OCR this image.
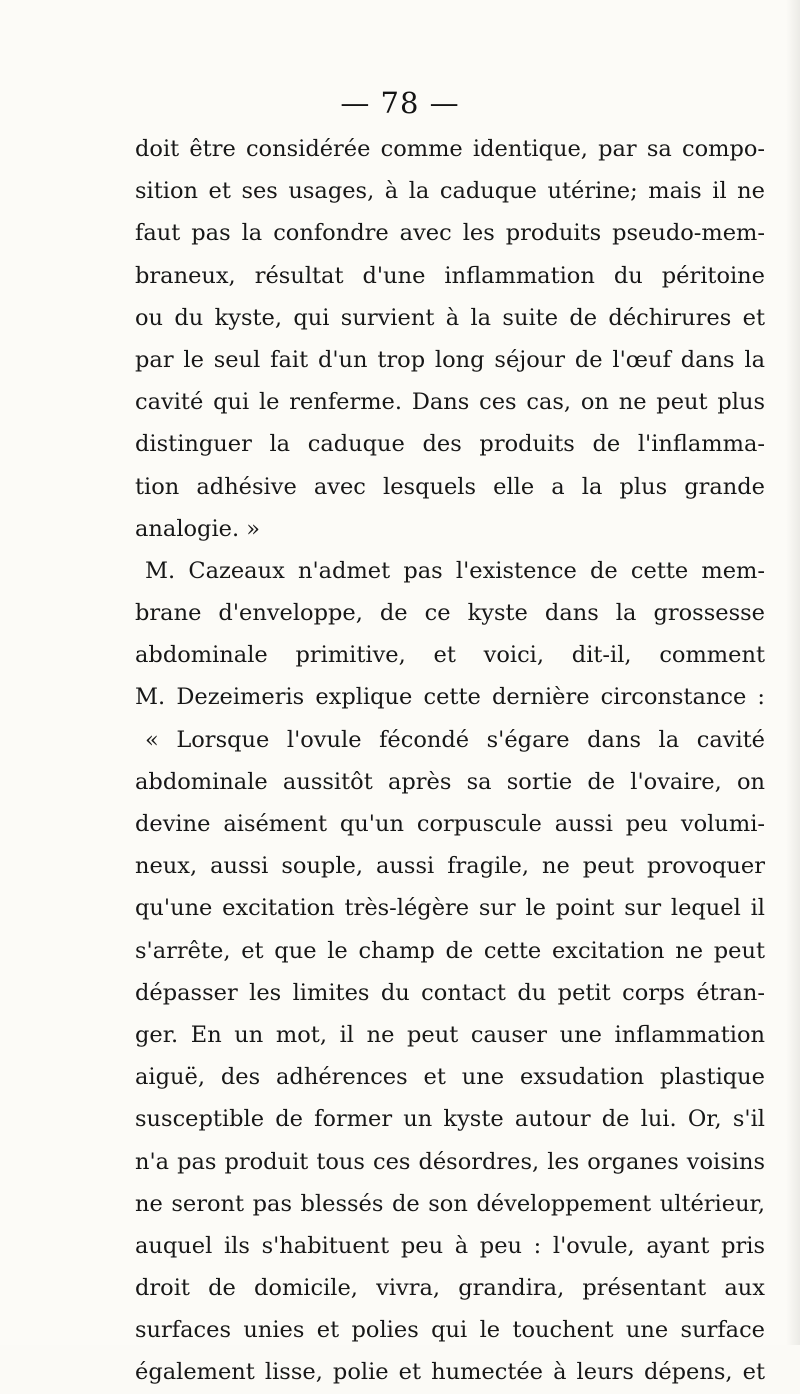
— 78 —
doit être considérée comme identique, par sa compo-
sition et ses usages, à la caduque utérine; mais il ne
faut pas la confondre avec les produits pseudo-mem-
braneux, résultat d'une inflammation du péritoine
ou du kyste, qui survient à la suite de déchirures et
par le seul fait d'un trop long séjour de l'œuf dans la
cavité qui le renferme. Dans ces cas, on ne peut plus
distinguer la caduque des produits de l'inflamma-
tion adhésive avec lesquels elle a la plus grande
analogie. »
M. Cazeaux n'admet pas l'existence de cette mem-
brane d'enveloppe, de ce kyste dans la grossesse
abdominale primitive, et voici, dit-il, comment
M. Dezeimeris explique cette dernière circonstance :
« Lorsque l'ovule fécondé s'égare dans la cavité
abdominale aussitôt après sa sortie de l'ovaire, on
devine aisément qu'un corpuscule aussi peu volumi-
neux, aussi souple, aussi fragile, ne peut provoquer
qu'une excitation très-légère sur le point sur lequel il
s'arrête, et que le champ de cette excitation ne peut
dépasser les limites du contact du petit corps étran-
ger. En un mot, il ne peut causer une inflammation
aiguë, des adhérences et une exsudation plastique
susceptible de former un kyste autour de lui. Or, s'il
n'a pas produit tous ces désordres, les organes voisins
ne seront pas blessés de son développement ultérieur,
auquel ils s'habituent peu à peu : l'ovule, ayant pris
droit de domicile, vivra, grandira, présentant aux
surfaces unies et polies qui le touchent une surface
également lisse, polie et humectée à leurs dépens, et
